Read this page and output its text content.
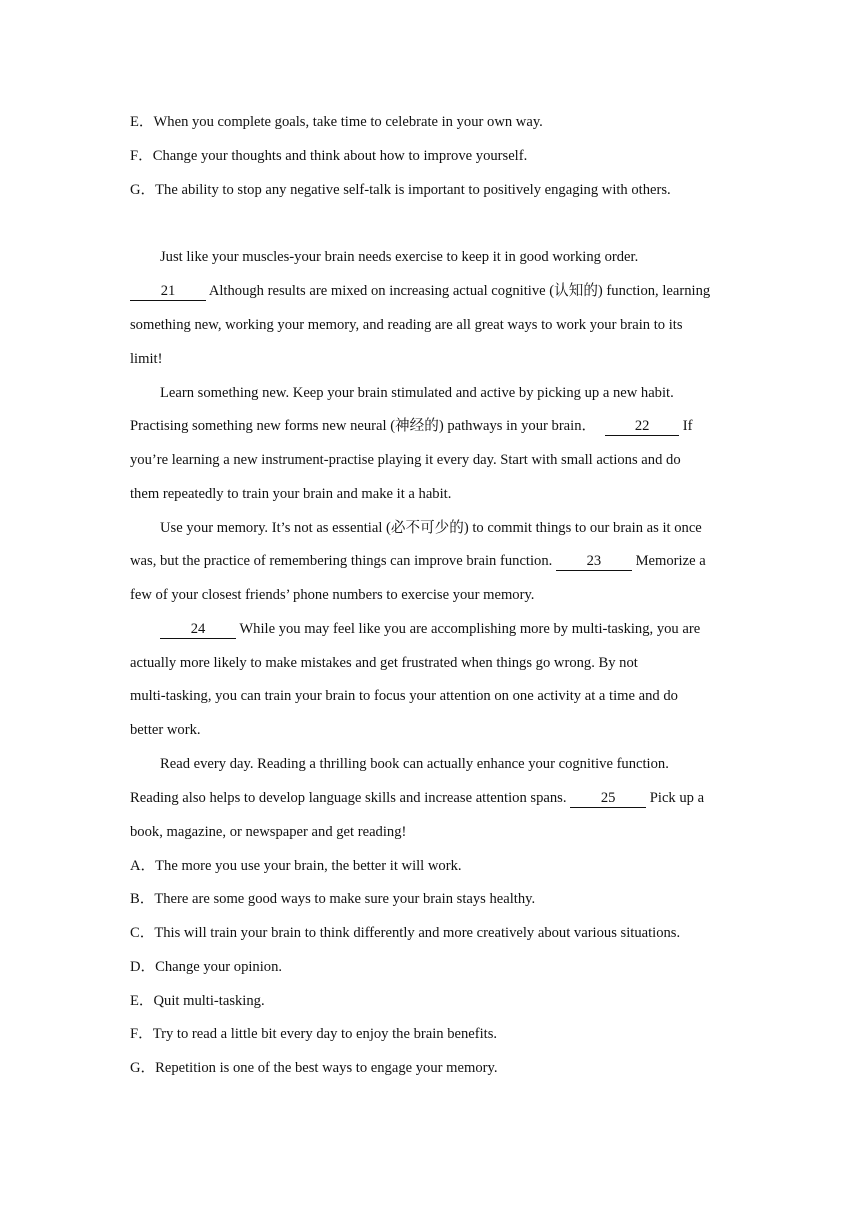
E．When you complete goals, take time to celebrate in your own way.
F．Change your thoughts and think about how to improve yourself.
G．The ability to stop any negative self-talk is important to positively engaging with others.
Just like your muscles-your brain needs exercise to keep it in good working order.
21 Although results are mixed on increasing actual cognitive (认知的) function, learning
something new, working your memory, and reading are all great ways to work your brain to its
limit!
Learn something new. Keep your brain stimulated and active by picking up a new habit.
Practising something new forms new neural (神经的) pathways in your brain．	22 If
you’re learning a new instrument-practise playing it every day. Start with small actions and do
them repeatedly to train your brain and make it a habit.
Use your memory. It’s not as essential (必不可少的) to commit things to our brain as it once
was, but the practice of remembering things can improve brain function. 23 Memorize a
few of your closest friends’ phone numbers to exercise your memory.
24 While you may feel like you are accomplishing more by multi-tasking, you are
actually more likely to make mistakes and get frustrated when things go wrong. By not
multi-tasking, you can train your brain to focus your attention on one activity at a time and do
better work.
Read every day. Reading a thrilling book can actually enhance your cognitive function.
Reading also helps to develop language skills and increase attention spans. 25 Pick up a
book, magazine, or newspaper and get reading!
A．The more you use your brain, the better it will work.
B．There are some good ways to make sure your brain stays healthy.
C．This will train your brain to think differently and more creatively about various situations.
D．Change your opinion.
E．Quit multi-tasking.
F．Try to read a little bit every day to enjoy the brain benefits.
G．Repetition is one of the best ways to engage your memory.
